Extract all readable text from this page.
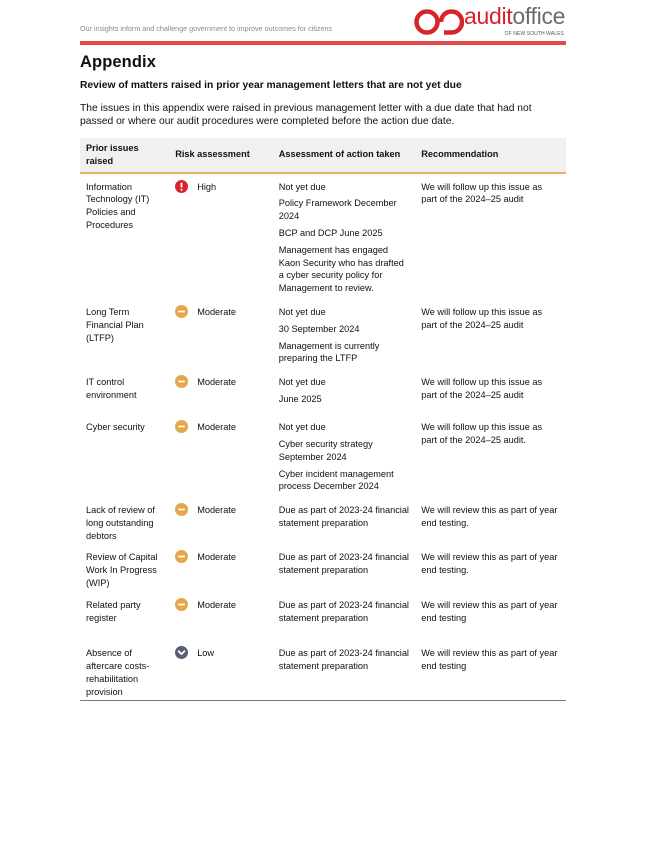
Our insights inform and challenge government to improve outcomes for citizens	auditoffice
OF NEW SOUTH WALES
Appendix

Review of matters raised in prior year management letters that are not yet due

The issues in this appendix were raised in previous management letter with a due date that had not passed or where our audit procedures were completed before the action due date.

Prior issues raised	Risk assessment	Assessment of action taken	Recommendation
Information Technology (IT) Policies and Procedures	High	Not yet due
Policy Framework December 2024
BCP and DCP June 2025
Management has engaged Kaon Security who has drafted a cyber security policy for Management to review.	We will follow up this issue as part of the 2024–25 audit
Long Term Financial Plan (LTFP)	Moderate	Not yet due
30 September 2024
Management is currently preparing the LTFP	We will follow up this issue as part of the 2024–25 audit
IT control environment	Moderate	Not yet due
June 2025	We will follow up this issue as part of the 2024–25 audit
Cyber security	Moderate	Not yet due
Cyber security strategy September 2024
Cyber incident management process December 2024	We will follow up this issue as part of the 2024–25 audit.
Lack of review of long outstanding debtors	Moderate	Due as part of 2023-24 financial statement preparation	We will review this as part of year end testing.
Review of Capital Work In Progress (WIP)	Moderate	Due as part of 2023-24 financial statement preparation	We will review this as part of year end testing.
Related party register	Moderate	Due as part of 2023-24 financial statement preparation	We will review this as part of year end testing
Absence of aftercare costs- rehabilitation provision	Low	Due as part of 2023-24 financial statement preparation	We will review this as part of year end testing
